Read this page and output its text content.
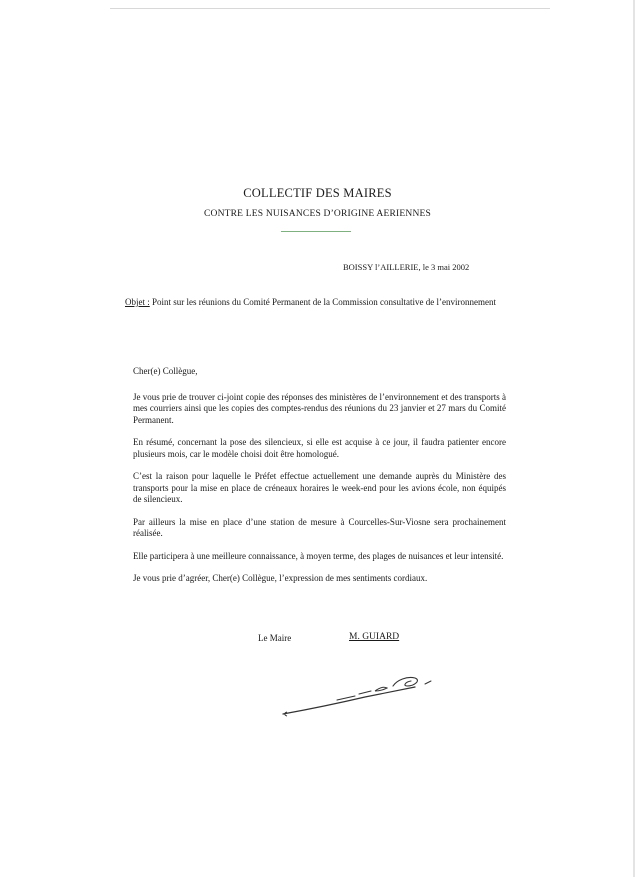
COLLECTIF DES MAIRES
CONTRE LES NUISANCES D’ORIGINE AERIENNES
BOISSY l’AILLERIE, le 3 mai 2002
Objet : Point sur les réunions du Comité Permanent de la Commission consultative de l’environnement

Cher(e) Collègue,

Je vous prie de trouver ci-joint copie des réponses des ministères de l’environnement et des transports à mes courriers ainsi que les copies des comptes-rendus des réunions du 23 janvier et 27 mars du Comité Permanent.

En résumé, concernant la pose des silencieux, si elle est acquise à ce jour, il faudra patienter encore plusieurs mois, car le modèle choisi doit être homologué.

C’est la raison pour laquelle le Préfet effectue actuellement une demande auprès du Ministère des transports pour la mise en place de créneaux horaires le week-end pour les avions école, non équipés de silencieux.

Par ailleurs la mise en place d’une station de mesure à Courcelles-Sur-Viosne sera prochainement réalisée.

Elle participera à une meilleure connaissance, à moyen terme, des plages de nuisances et leur intensité.

Je vous prie d’agréer, Cher(e) Collègue, l’expression de mes sentiments cordiaux.

Le Maire	M. GUIARD
